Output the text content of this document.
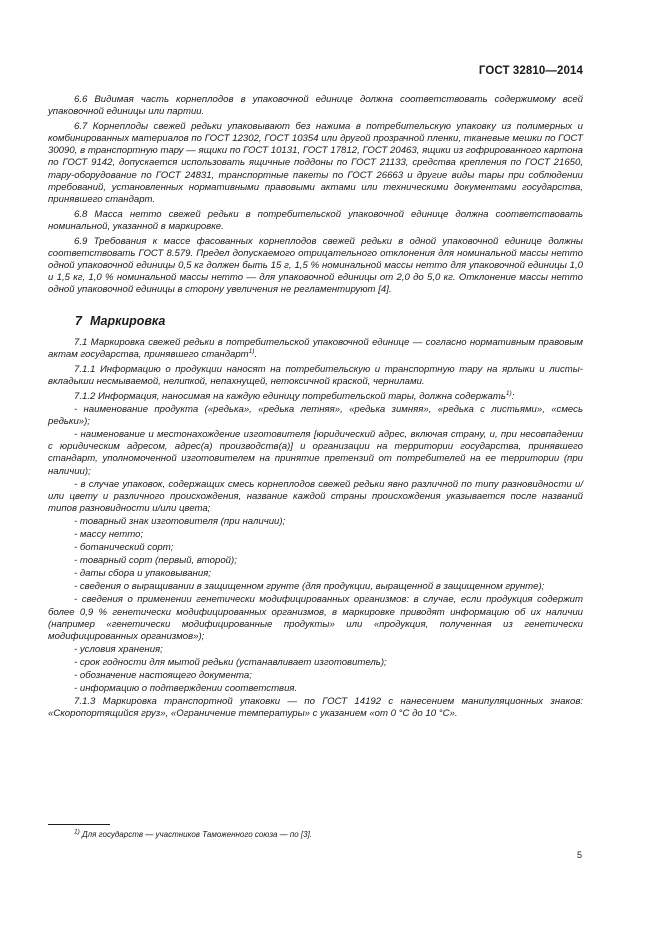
ГОСТ 32810—2014

6.6 Видимая часть корнеплодов в упаковочной единице должна соответствовать содержимому всей упаковочной единицы или партии.

6.7 Корнеплоды свежей редьки упаковывают без нажима в потребительскую упаковку из полимерных и комбинированных материалов по ГОСТ 12302, ГОСТ 10354 или другой прозрачной пленки, тканевые мешки по ГОСТ 30090, в транспортную тару — ящики по ГОСТ 10131, ГОСТ 17812, ГОСТ 20463, ящики из гофрированного картона по ГОСТ 9142, допускается использовать ящичные поддоны по ГОСТ 21133, средства крепления по ГОСТ 21650, тару-оборудование по ГОСТ 24831, транспортные пакеты по ГОСТ 26663 и другие виды тары при соблюдении требований, установленных нормативными правовыми актами или техническими документами государства, принявшего стандарт.

6.8 Масса нетто свежей редьки в потребительской упаковочной единице должна соответствовать номинальной, указанной в маркировке.

6.9 Требования к массе фасованных корнеплодов свежей редьки в одной упаковочной единице должны соответствовать ГОСТ 8.579. Предел допускаемого отрицательного отклонения для номинальной массы нетто одной упаковочной единицы 0,5 кг должен быть 15 г, 1,5 % номинальной массы нетто для упаковочной единицы 1,0 и 1,5 кг, 1,0 % номинальной массы нетто — для упаковочной единицы от 2,0 до 5,0 кг. Отклонение массы нетто одной упаковочной единицы в сторону увеличения не регламентируют [4].

7 Маркировка

7.1 Маркировка свежей редьки в потребительской упаковочной единице — согласно нормативным правовым актам государства, принявшего стандарт$^{1)}$.

7.1.1 Информацию о продукции наносят на потребительскую и транспортную тару на ярлыки и листы-вкладыши несмываемой, нелипкой, непахнущей, нетоксичной краской, чернилами.

7.1.2 Информация, наносимая на каждую единицу потребительской тары, должна содержать$^{1)}$:

- наименование продукта («редька», «редька летняя», «редька зимняя», «редька с листьями», «смесь редьки»);

- наименование и местонахождение изготовителя [юридический адрес, включая страну, и, при несовпадении с юридическим адресом, адрес(а) производств(а)] и организации на территории государства, принявшего стандарт, уполномоченной изготовителем на принятие претензий от потребителей на ее территории (при наличии);

- в случае упаковок, содержащих смесь корнеплодов свежей редьки явно различной по типу разновидности и/или цвету и различного происхождения, название каждой страны происхождения указывается после названий типов разновидности и/или цвета;

- товарный знак изготовителя (при наличии);

- массу нетто;

- ботанический сорт;

- товарный сорт (первый, второй);

- даты сбора и упаковывания;

- сведения о выращивании в защищенном грунте (для продукции, выращенной в защищенном грунте);

- сведения о применении генетически модифицированных организмов: в случае, если продукция содержит более 0,9 % генетически модифицированных организмов, в маркировке приводят информацию об их наличии (например «генетически модифицированные продукты» или «продукция, полученная из генетически модифицированных организмов»);

- условия хранения;

- срок годности для мытой редьки (устанавливает изготовитель);

- обозначение настоящего документа;

- информацию о подтверждении соответствия.

7.1.3 Маркировка транспортной упаковки — по ГОСТ 14192 с нанесением манипуляционных знаков: «Скоропортящийся груз», «Ограничение температуры» с указанием «от 0 °С до 10 °С».

$^{1)}$ Для государств — участников Таможенного союза — по [3].
5
